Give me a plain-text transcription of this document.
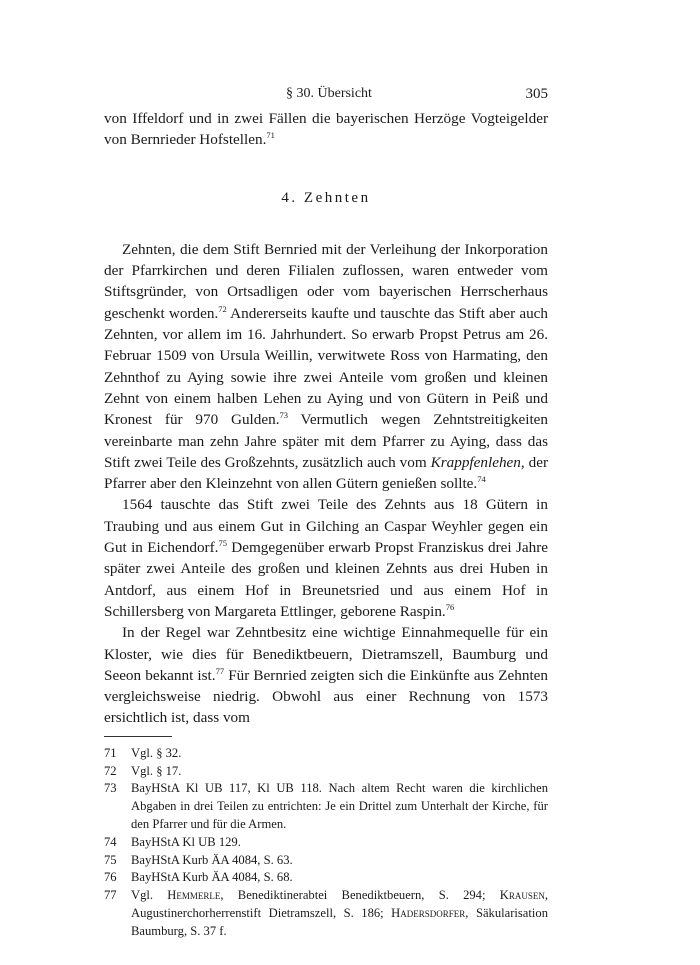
§ 30. Übersicht	305

von Iffeldorf und in zwei Fällen die bayerischen Herzöge Vogteigelder von Bernrieder Hofstellen.$^{71}$

4. Zehnten

Zehnten, die dem Stift Bernried mit der Verleihung der Inkorporation der Pfarrkirchen und deren Filialen zuflossen, waren entweder vom Stiftsgründer, von Ortsadligen oder vom bayerischen Herrscherhaus geschenkt worden.$^{72}$ Andererseits kaufte und tauschte das Stift aber auch Zehnten, vor allem im 16. Jahrhundert. So erwarb Propst Petrus am 26. Februar 1509 von Ursula Weillin, verwitwete Ross von Harmating, den Zehnthof zu Aying sowie ihre zwei Anteile vom großen und kleinen Zehnt von einem halben Lehen zu Aying und von Gütern in Peiß und Kronest für 970 Gulden.$^{73}$ Vermutlich wegen Zehntstreitigkeiten vereinbarte man zehn Jahre später mit dem Pfarrer zu Aying, dass das Stift zwei Teile des Großzehnts, zusätzlich auch vom Krappfenlehen, der Pfarrer aber den Kleinzehnt von allen Gütern genießen sollte.$^{74}$

1564 tauschte das Stift zwei Teile des Zehnts aus 18 Gütern in Traubing und aus einem Gut in Gilching an Caspar Weyhler gegen ein Gut in Eichendorf.$^{75}$ Demgegenüber erwarb Propst Franziskus drei Jahre später zwei Anteile des großen und kleinen Zehnts aus drei Huben in Antdorf, aus einem Hof in Breunetsried und aus einem Hof in Schillersberg von Margareta Ettlinger, geborene Raspin.$^{76}$

In der Regel war Zehntbesitz eine wichtige Einnahmequelle für ein Kloster, wie dies für Benediktbeuern, Dietramszell, Baumburg und Seeon bekannt ist.$^{77}$ Für Bernried zeigten sich die Einkünfte aus Zehnten vergleichsweise niedrig. Obwohl aus einer Rechnung von 1573 ersichtlich ist, dass vom

71	Vgl. § 32.
72	Vgl. § 17.
73	BayHStA Kl UB 117, Kl UB 118. Nach altem Recht waren die kirchlichen Abgaben in drei Teilen zu entrichten: Je ein Drittel zum Unterhalt der Kirche, für den Pfarrer und für die Armen.
74	BayHStA Kl UB 129.
75	BayHStA Kurb ÄA 4084, S. 63.
76	BayHStA Kurb ÄA 4084, S. 68.
77	Vgl. Hemmerle, Benediktinerabtei Benediktbeuern, S. 294; Krausen, Augustinerchorherrenstift Dietramszell, S. 186; Hadersdorfer, Säkularisation Baumburg, S. 37 f.
